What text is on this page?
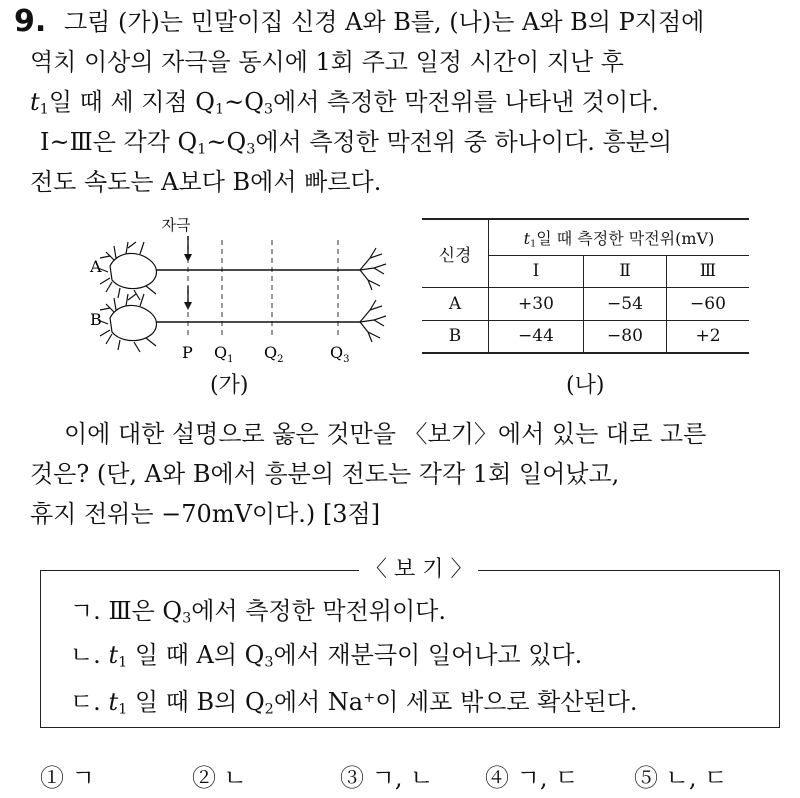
9. 그림 (가)는 민말이집 신경 A와 B를, (나)는 A와 B의 P지점에
역치 이상의 자극을 동시에 1회 주고 일정 시간이 지난 후
$t_1$일 때 세 지점 $Q_1\sim Q_3$에서 측정한 막전위를 나타낸 것이다.
Ⅰ~Ⅲ은 각각 $Q_1\sim Q_3$에서 측정한 막전위 중 하나이다. 흥분의
전도 속도는 A보다 B에서 빠르다.
자극
A
B
P $Q_1$ $Q_2$	$Q_3$
(가)
신경	$t_1$일 때 측정한 막전위(mV)		
	Ⅰ	Ⅱ	Ⅲ
A	+30	−54	−60
B	−44	−80	+2
(나)
이에 대한 설명으로 옳은 것만을 〈보기〉에서 있는 대로 고른
것은? (단, A와 B에서 흥분의 전도는 각각 1회 일어났고,
휴지 전위는 −70mV이다.) [3점]
〈 보 기 〉
ㄱ. Ⅲ은 $Q_3$에서 측정한 막전위이다.
ㄴ. $t_1$ 일 때 A의 $Q_3$에서 재분극이 일어나고 있다.
ㄷ. $t_1$ 일 때 B의 $Q_2$에서 Na+이 세포 밖으로 확산된다.
① ㄱ	② ㄴ	③ ㄱ, ㄴ ④ ㄱ, ㄷ ⑤ ㄴ, ㄷ
